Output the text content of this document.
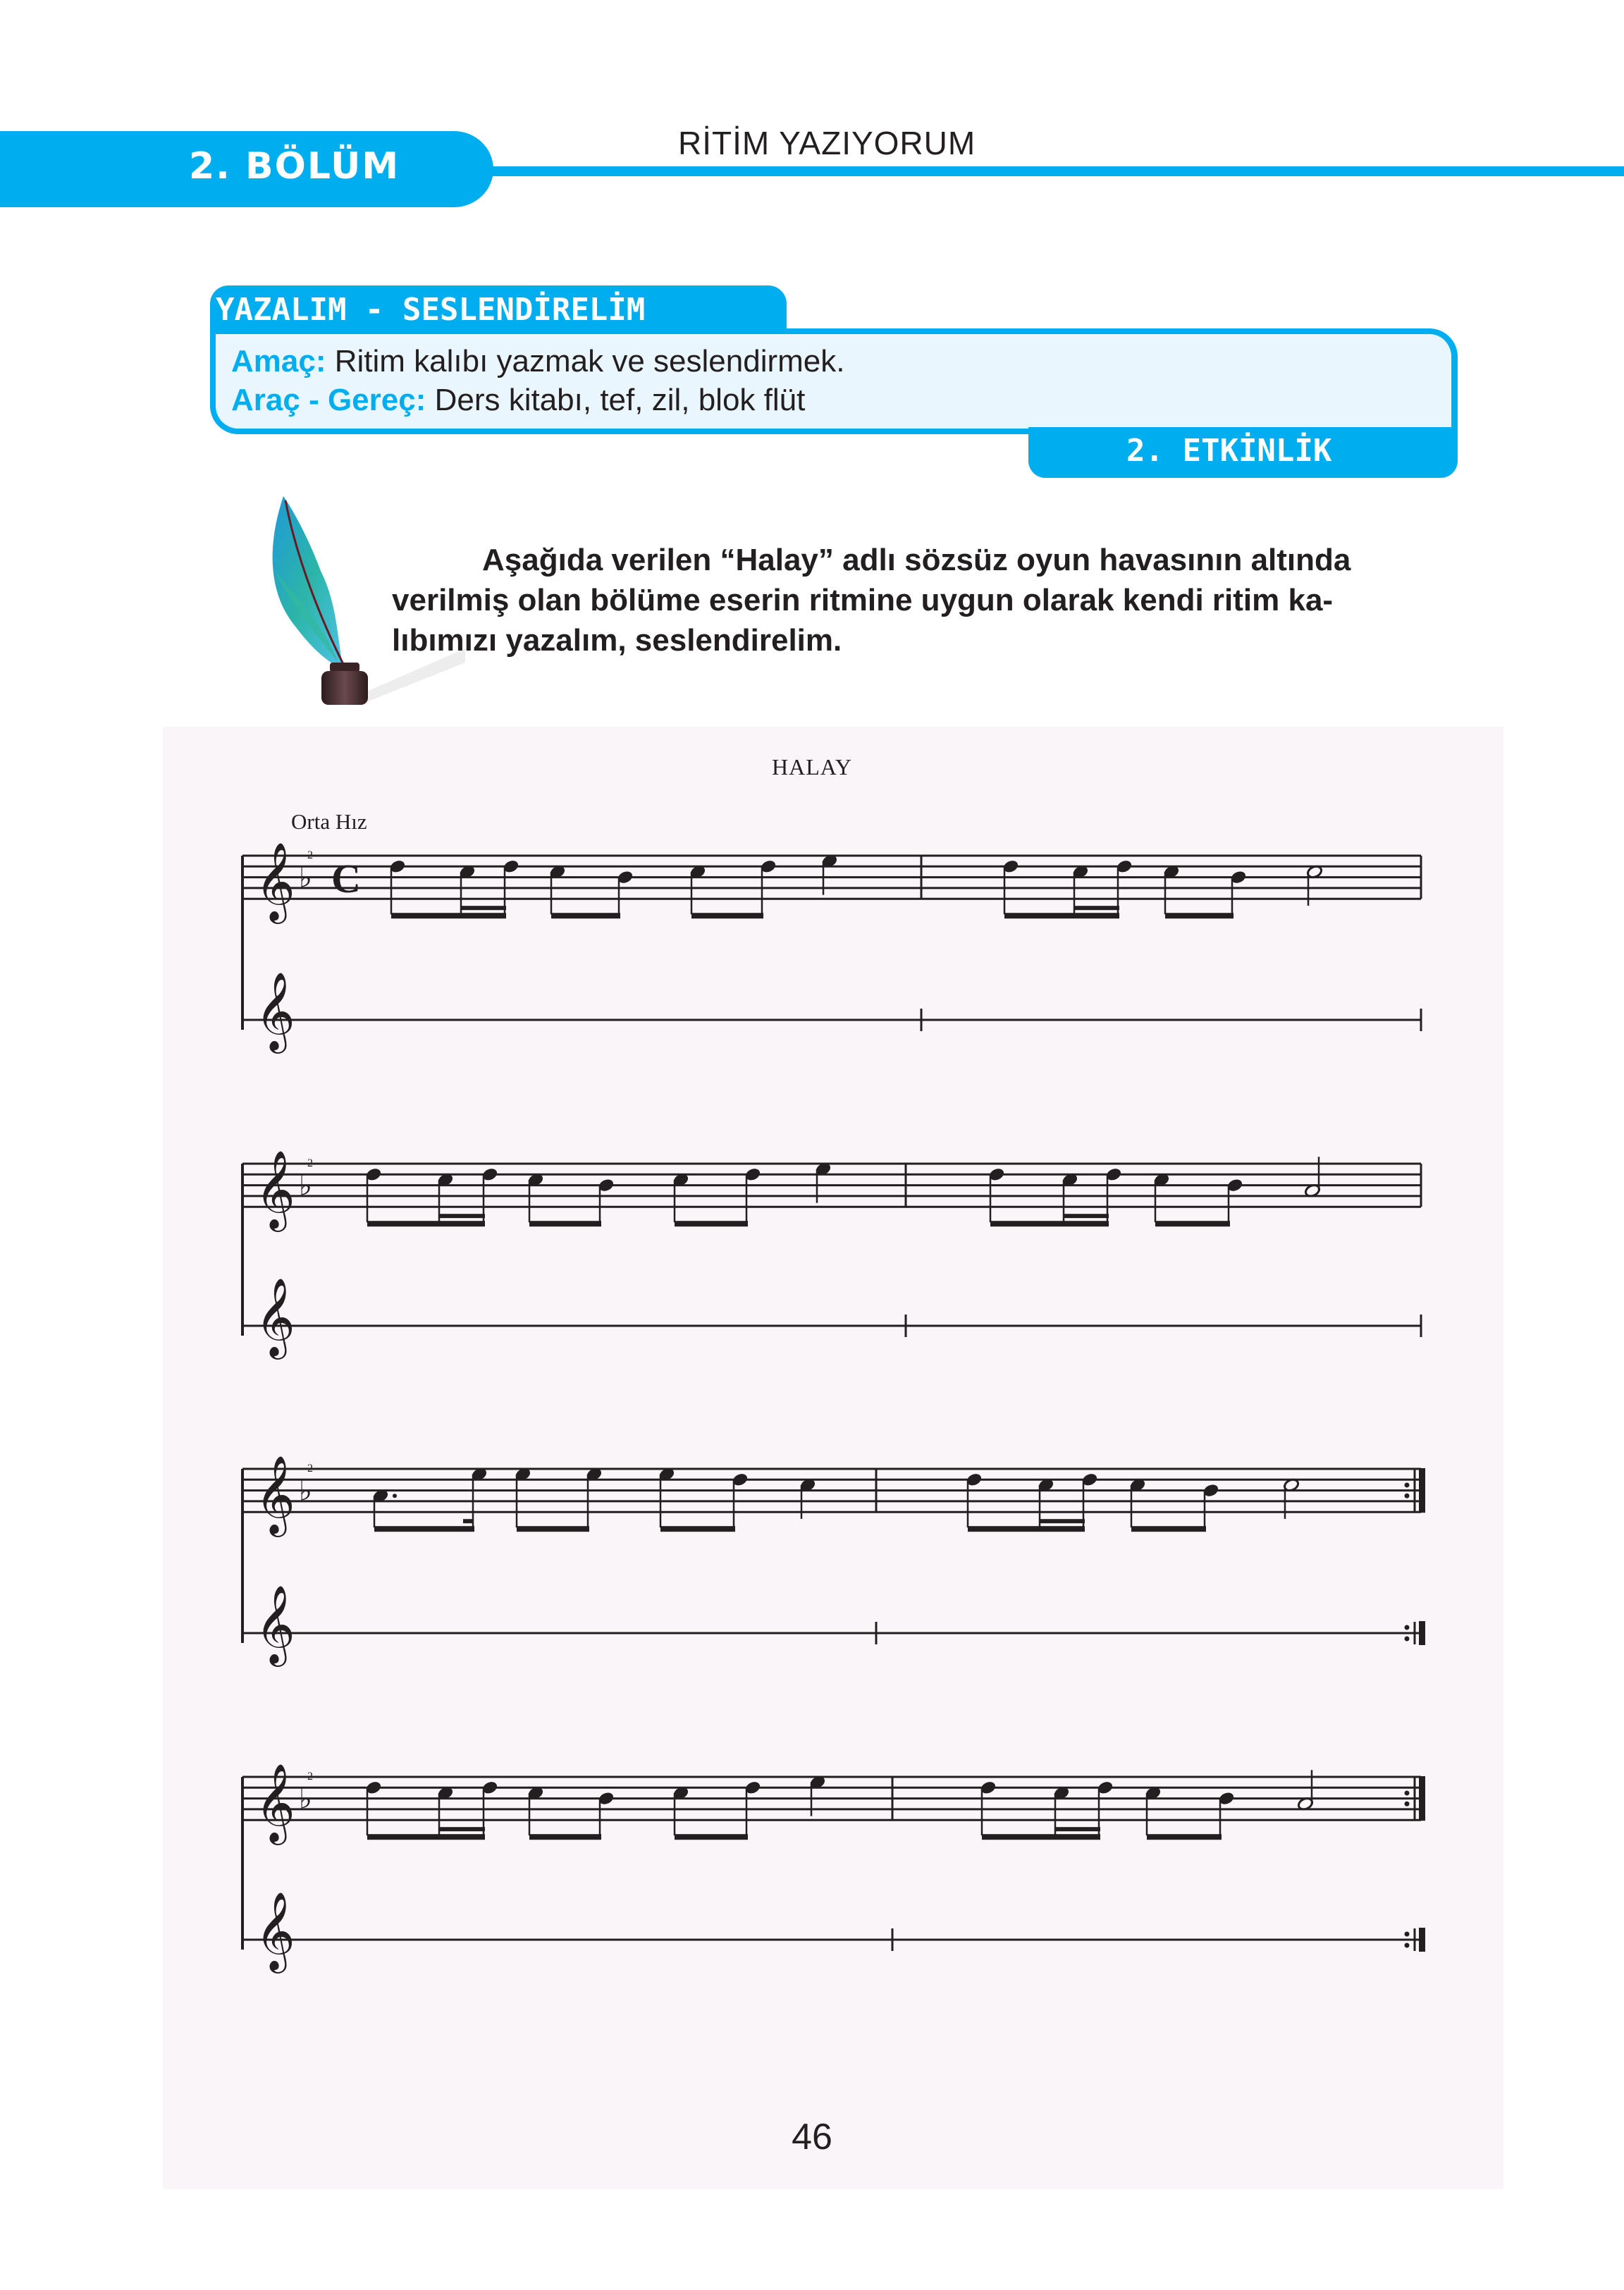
2. BÖLÜM
RİTİM YAZIYORUM
YAZALIM - SESLENDİRELİM
Amaç: Ritim kalıbı yazmak ve seslendirmek.
Araç - Gereç: Ders kitabı, tef, zil, blok flüt
2. ETKİNLİK
Aşağıda verilen “Halay” adlı sözsüz oyun havasının altında
verilmiş olan bölüme eserin ritmine uygun olarak kendi ritim ka-
lıbımızı yazalım, seslendirelim.
HALAY
Orta Hız
𝄞
𝄞
♭
2
C
𝄞
𝄞
♭
2
𝄞
𝄞
♭
2
𝄞
𝄞
♭
2
46
